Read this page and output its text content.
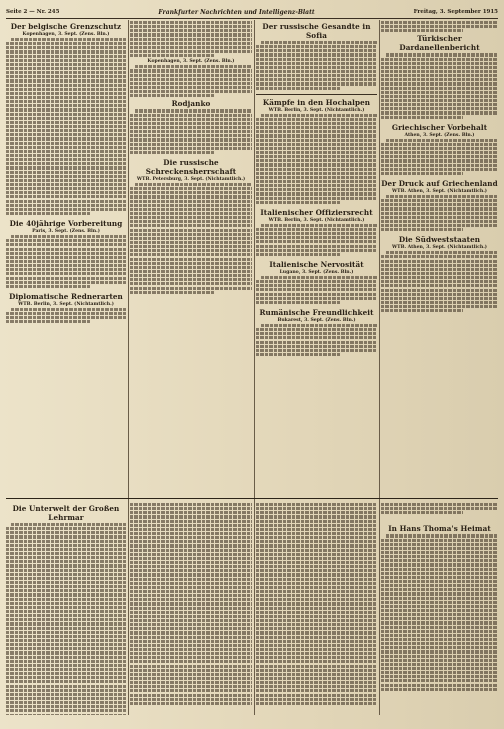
Seite 2 — Nr. 245	Frankfurter Nachrichten und Intelligenz-Blatt	Freitag, 3. September 1915
Der belgische Grenzschutz
Kopenhagen, 3. Sept. (Zens. Bln.)
Die 40jährige Vorbereitung
Paris, 3. Sept. (Zens. Bln.)
Diplomatische Rednerarten
WTB. Berlin, 3. Sept. (Nichtamtlich.)
Kopenhagen, 3. Sept. (Zens. Bln.)
Rodjanko
Die russische Schreckensherrschaft
WTB. Petersburg, 3. Sept. (Nichtamtlich.)
Der russische Gesandte in Sofia
Kämpfe in den Hochalpen
WTB. Berlin, 3. Sept. (Nichtamtlich.)
Italienischer Offiziersrecht
WTB. Berlin, 3. Sept. (Nichtamtlich.)
Italienische Nervosität
Lugano, 3. Sept. (Zens. Bln.)
Rumänische Freundlichkeit
Bukarest, 3. Sept. (Zens. Bln.)
Türkischer Dardanellenbericht
Griechischer Vorbehalt
Athen, 3. Sept. (Zens. Bln.)
Der Druck auf Griechenland
WTB. Athen, 3. Sept. (Nichtamtlich.)
Die Südweststaaten
WTB. Athen, 3. Sept. (Nichtamtlich.)
Die Unterwelt der Großen Lehrmar
In Hans Thoma's Heimat
